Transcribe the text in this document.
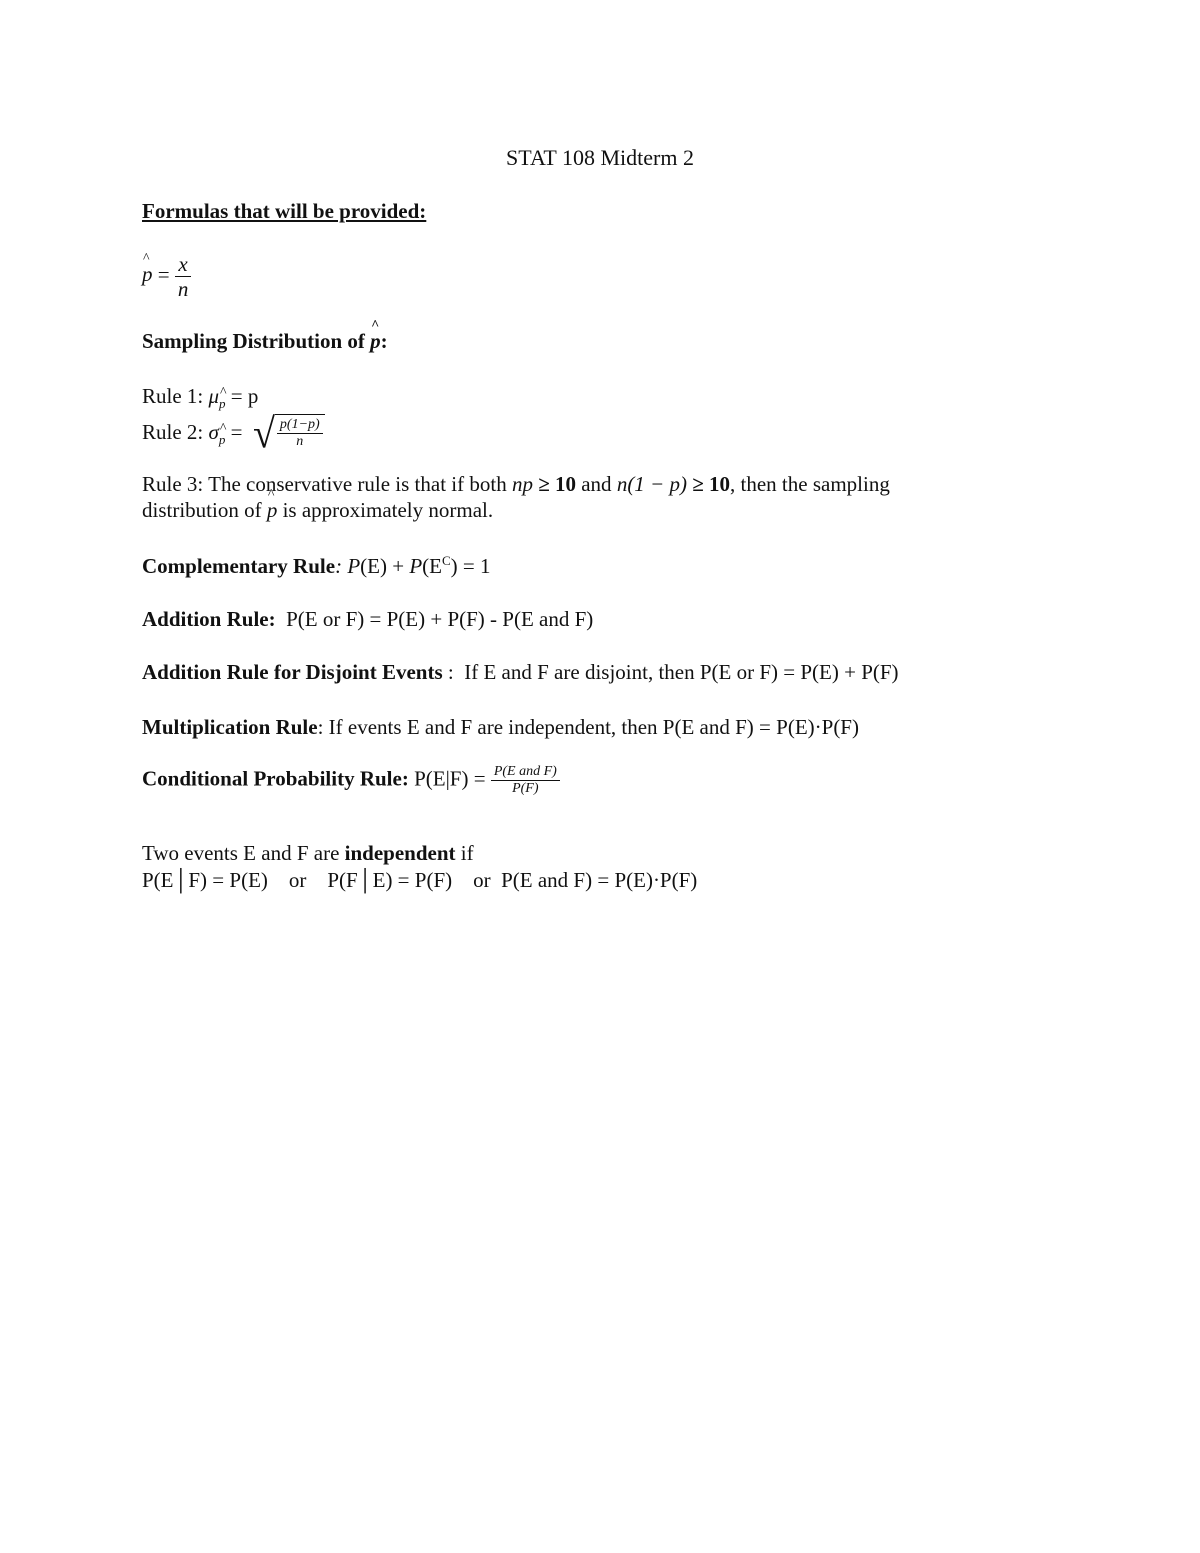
STAT 108 Midterm 2
Formulas that will be provided:
p ^ = $\frac{x}{n}$
Sampling Distribution of p ^:
Rule 1: μp ^ = p
Rule 2: σp ^ = √ $\frac{p(1-p)}{n}$
Rule 3: The conservative rule is that if both np ≥ 10 and n(1 − p) ≥ 10, then the sampling
distribution of p ^ is approximately normal.
Complementary Rule: $P(E) + P(E^C) = 1$
Addition Rule:  P(E or F) = P(E) + P(F) - P(E and F)
Addition Rule for Disjoint Events :  If E and F are disjoint, then P(E or F) = P(E) + P(F)
Multiplication Rule: If events E and F are independent, then P(E and F) = P(E)·P(F)
Conditional Probability Rule: $P(E|F) = \frac{\text{P(E and F)}}{P(F)}$
Two events E and F are independent if
P(E│F) = P(E)    or    P(F│E) = P(F)    or  P(E and F) = P(E)·P(F)
